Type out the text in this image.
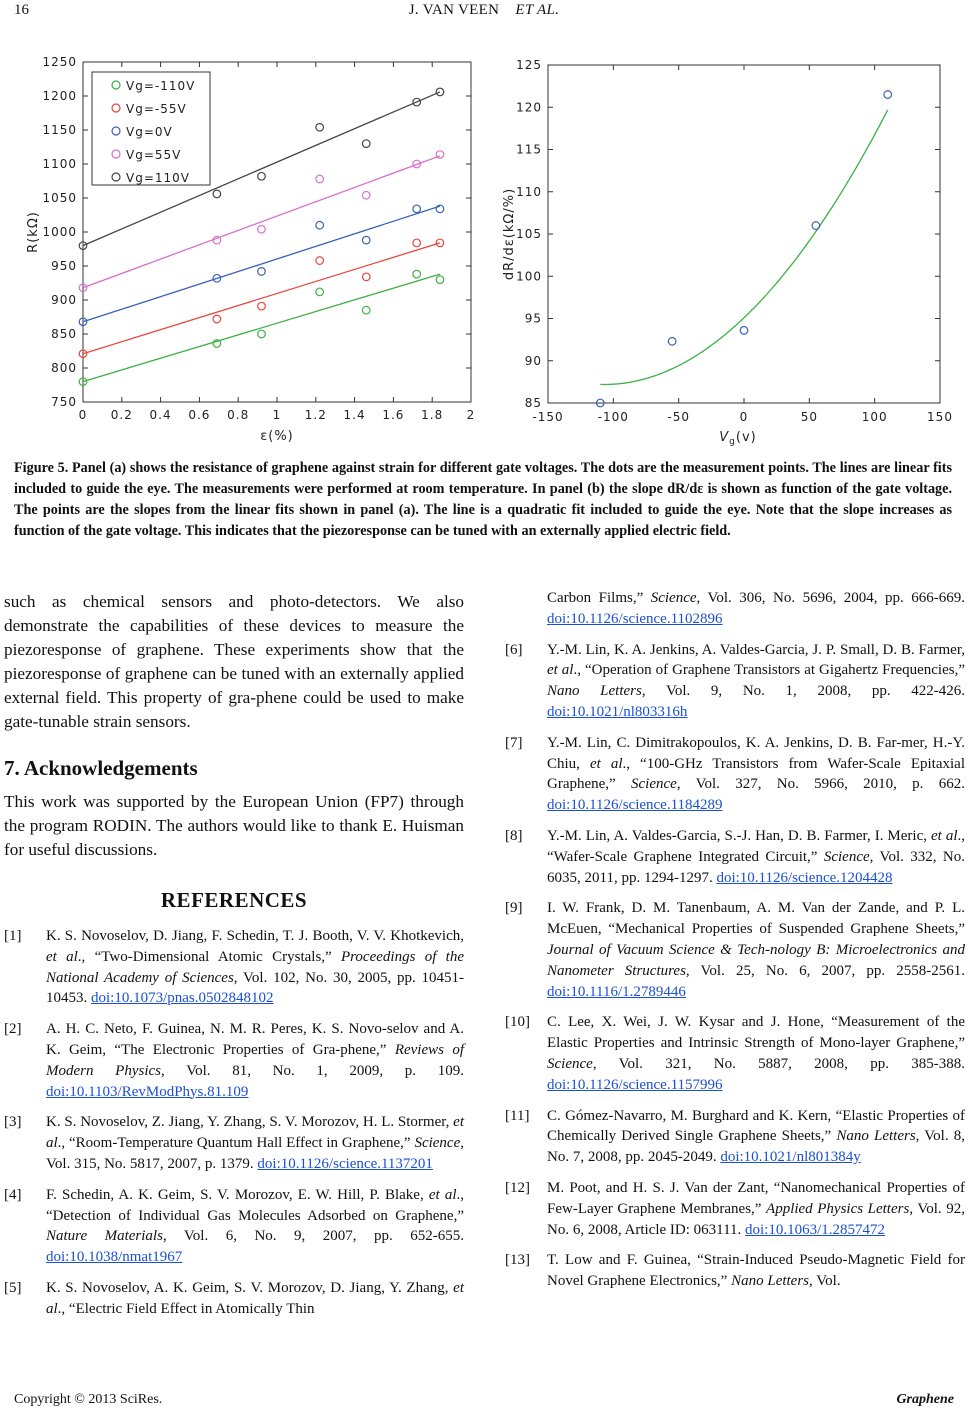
16	J. VAN VEEN ET AL.
0 0.2 0.4 0.6 0.8 1 1.2 1.4 1.6 1.8 2
750
800
850
900
950
1000
1050
1100
1150
1200
1250
ε(%)
R(kΩ)
Vg=-110V
Vg=-55V
Vg=0V
Vg=55V
Vg=110V
-150	-100	-50	0	50	100	150
85
90
95
100
105
110
115
120
125
$V_g(v)$
dR/dε(kΩ/%)
Figure 5. Panel (a) shows the resistance of graphene against strain for different gate voltages. The dots are the measurement points. The lines are linear fits included to guide the eye. The measurements were performed at room temperature. In panel (b) the slope dR/dε is shown as function of the gate voltage. The points are the slopes from the linear fits shown in panel (a). The line is a quadratic fit included to guide the eye. Note that the slope increases as function of the gate voltage. This indicates that the piezoresponse can be tuned with an externally applied electric field.

such as chemical sensors and photo-detectors. We also demonstrate the capabilities of these devices to measure the piezoresponse of graphene. These experiments show that the piezoresponse of graphene can be tuned with an externally applied external field. This property of gra-phene could be used to make gate-tunable strain sensors.

7. Acknowledgements

This work was supported by the European Union (FP7) through the program RODIN. The authors would like to thank E. Huisman for useful discussions.

REFERENCES
[1]	K. S. Novoselov, D. Jiang, F. Schedin, T. J. Booth, V. V. Khotkevich, et al., “Two-Dimensional Atomic Crystals,” Proceedings of the National Academy of Sciences, Vol. 102, No. 30, 2005, pp. 10451-10453. doi:10.1073/pnas.0502848102
[2]	A. H. C. Neto, F. Guinea, N. M. R. Peres, K. S. Novo-selov and A. K. Geim, “The Electronic Properties of Gra-phene,” Reviews of Modern Physics, Vol. 81, No. 1, 2009, p. 109. doi:10.1103/RevModPhys.81.109
[3]	K. S. Novoselov, Z. Jiang, Y. Zhang, S. V. Morozov, H. L. Stormer, et al., “Room-Temperature Quantum Hall Effect in Graphene,” Science, Vol. 315, No. 5817, 2007, p. 1379. doi:10.1126/science.1137201
[4]	F. Schedin, A. K. Geim, S. V. Morozov, E. W. Hill, P. Blake, et al., “Detection of Individual Gas Molecules Adsorbed on Graphene,” Nature Materials, Vol. 6, No. 9, 2007, pp. 652-655. doi:10.1038/nmat1967
[5]	K. S. Novoselov, A. K. Geim, S. V. Morozov, D. Jiang, Y. Zhang, et al., “Electric Field Effect in Atomically Thin
Carbon Films,” Science, Vol. 306, No. 5696, 2004, pp. 666-669. doi:10.1126/science.1102896
[6]	Y.-M. Lin, K. A. Jenkins, A. Valdes-Garcia, J. P. Small, D. B. Farmer, et al., “Operation of Graphene Transistors at Gigahertz Frequencies,” Nano Letters, Vol. 9, No. 1, 2008, pp. 422-426. doi:10.1021/nl803316h
[7]	Y.-M. Lin, C. Dimitrakopoulos, K. A. Jenkins, D. B. Far-mer, H.-Y. Chiu, et al., “100-GHz Transistors from Wafer-Scale Epitaxial Graphene,” Science, Vol. 327, No. 5966, 2010, p. 662. doi:10.1126/science.1184289
[8]	Y.-M. Lin, A. Valdes-Garcia, S.-J. Han, D. B. Farmer, I. Meric, et al., “Wafer-Scale Graphene Integrated Circuit,” Science, Vol. 332, No. 6035, 2011, pp. 1294-1297. doi:10.1126/science.1204428
[9]	I. W. Frank, D. M. Tanenbaum, A. M. Van der Zande, and P. L. McEuen, “Mechanical Properties of Suspended Graphene Sheets,” Journal of Vacuum Science & Tech-nology B: Microelectronics and Nanometer Structures, Vol. 25, No. 6, 2007, pp. 2558-2561. doi:10.1116/1.2789446
[10]	C. Lee, X. Wei, J. W. Kysar and J. Hone, “Measurement of the Elastic Properties and Intrinsic Strength of Mono-layer Graphene,” Science, Vol. 321, No. 5887, 2008, pp. 385-388. doi:10.1126/science.1157996
[11]	C. Gómez-Navarro, M. Burghard and K. Kern, “Elastic Properties of Chemically Derived Single Graphene Sheets,” Nano Letters, Vol. 8, No. 7, 2008, pp. 2045-2049. doi:10.1021/nl801384y
[12]	M. Poot, and H. S. J. Van der Zant, “Nanomechanical Properties of Few-Layer Graphene Membranes,” Applied Physics Letters, Vol. 92, No. 6, 2008, Article ID: 063111. doi:10.1063/1.2857472
[13]	T. Low and F. Guinea, “Strain-Induced Pseudo-Magnetic Field for Novel Graphene Electronics,” Nano Letters, Vol.
Copyright © 2013 SciRes.	Graphene
